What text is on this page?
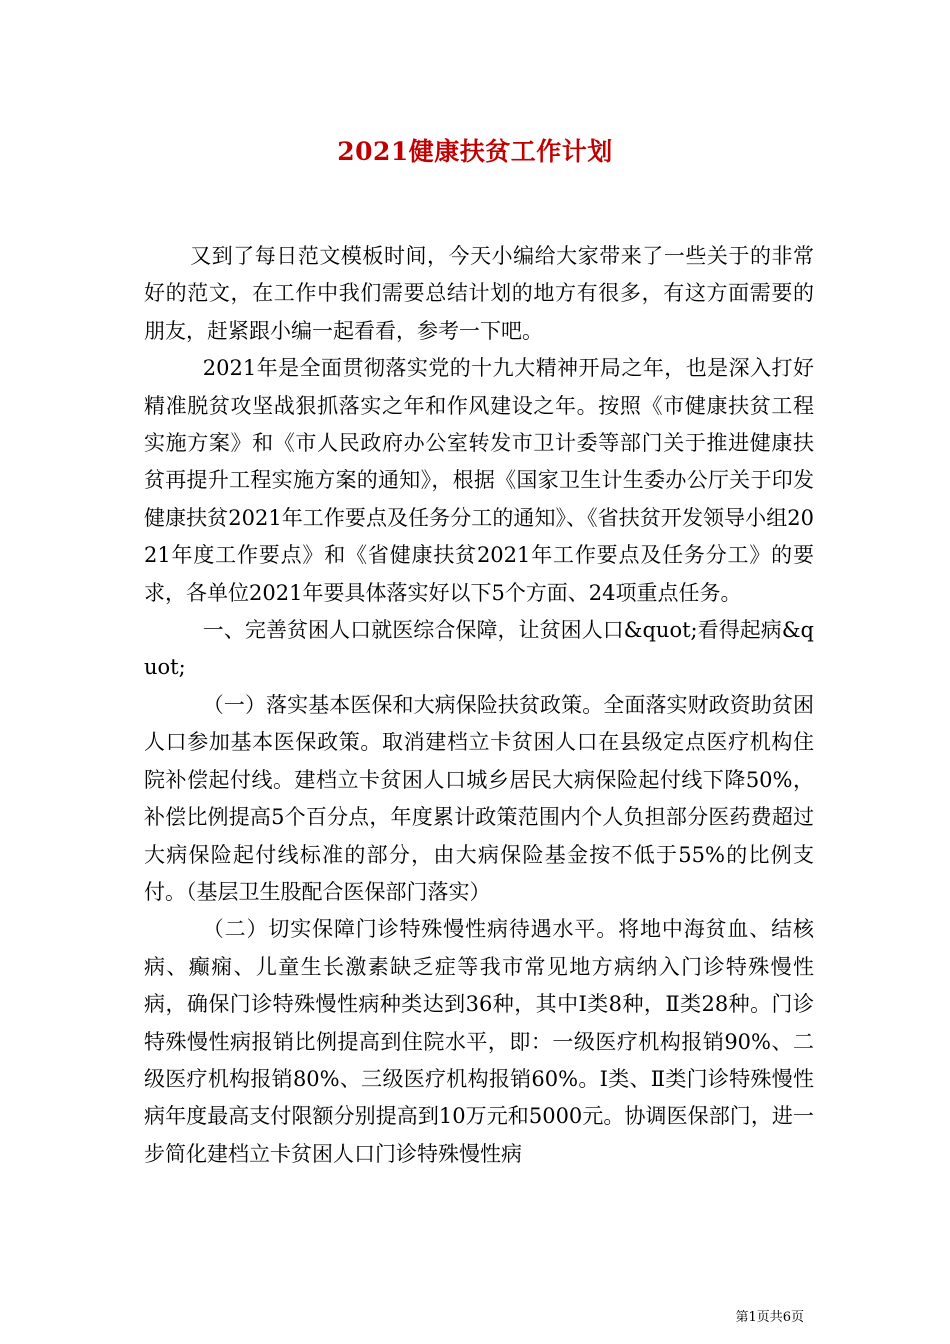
2021健康扶贫工作计划

又到了每日范文模板时间，今天小编给大家带来了一些关于的非常好的范文，在工作中我们需要总结计划的地方有很多，有这方面需要的朋友，赶紧跟小编一起看看，参考一下吧。

2021年是全面贯彻落实党的十九大精神开局之年，也是深入打好精准脱贫攻坚战狠抓落实之年和作风建设之年。按照《市健康扶贫工程实施方案》和《市人民政府办公室转发市卫计委等部门关于推进健康扶贫再提升工程实施方案的通知》，根据《国家卫生计生委办公厅关于印发健康扶贫2021年工作要点及任务分工的通知》、《省扶贫开发领导小组2021年度工作要点》和《省健康扶贫2021年工作要点及任务分工》的要求，各单位2021年要具体落实好以下5个方面、24项重点任务。

一、完善贫困人口就医综合保障，让贫困人口&quot;看得起病&quot;

（一）落实基本医保和大病保险扶贫政策。全面落实财政资助贫困人口参加基本医保政策。取消建档立卡贫困人口在县级定点医疗机构住院补偿起付线。建档立卡贫困人口城乡居民大病保险起付线下降50%，补偿比例提高5个百分点，年度累计政策范围内个人负担部分医药费超过大病保险起付线标准的部分，由大病保险基金按不低于55%的比例支付。（基层卫生股配合医保部门落实）

（二）切实保障门诊特殊慢性病待遇水平。将地中海贫血、结核病、癫痫、儿童生长激素缺乏症等我市常见地方病纳入门诊特殊慢性病，确保门诊特殊慢性病种类达到36种，其中Ⅰ类8种，Ⅱ类28种。门诊特殊慢性病报销比例提高到住院水平，即：一级医疗机构报销90%、二级医疗机构报销80%、三级医疗机构报销60%。Ⅰ类、Ⅱ类门诊特殊慢性病年度最高支付限额分别提高到10万元和5000元。协调医保部门，进一步简化建档立卡贫困人口门诊特殊慢性病

第1页共6页
